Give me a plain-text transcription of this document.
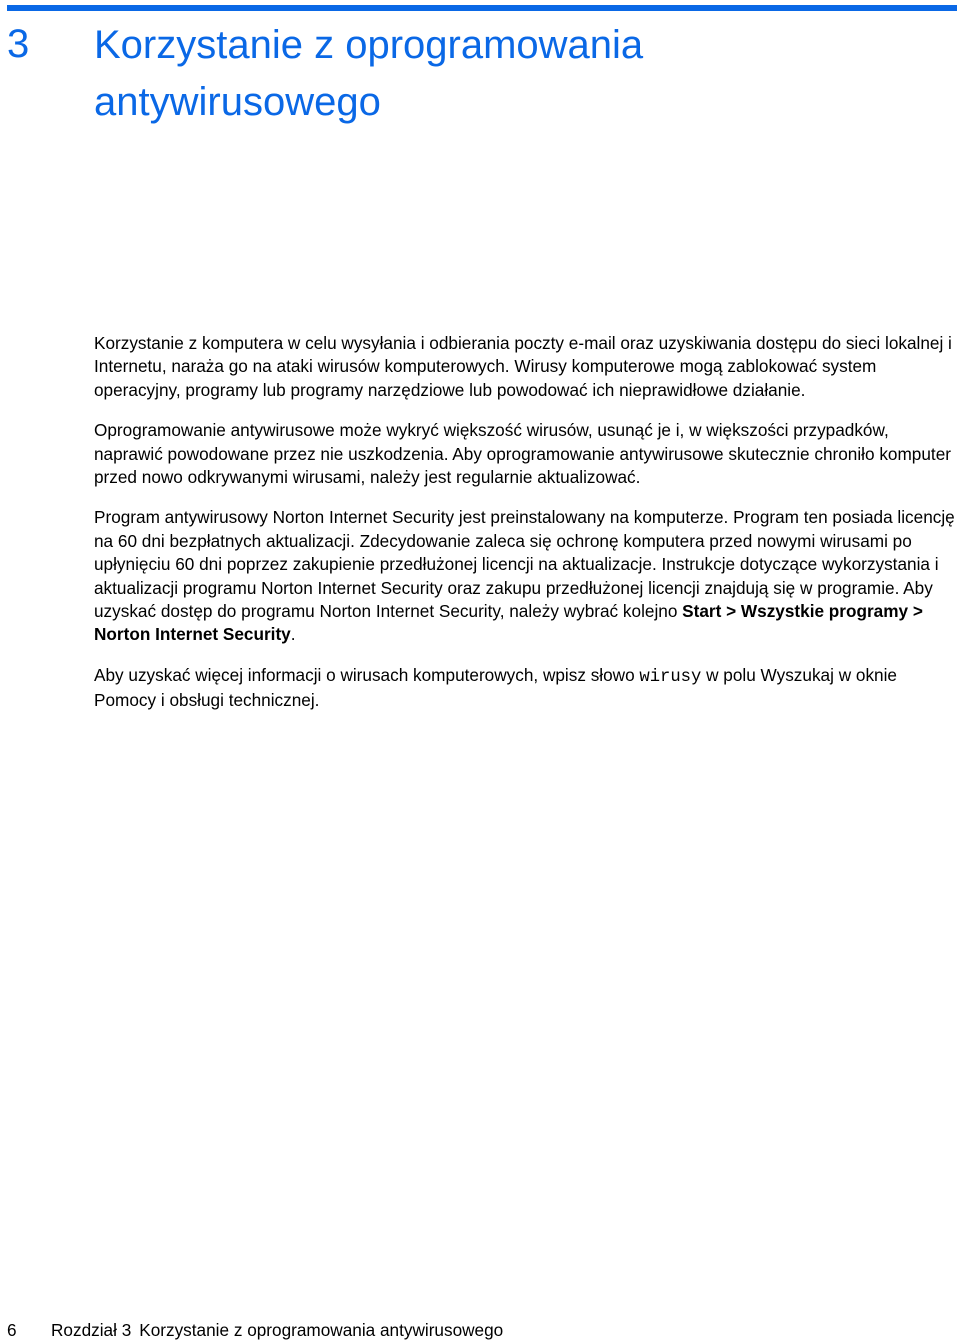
3 Korzystanie z oprogramowania antywirusowego

Korzystanie z komputera w celu wysyłania i odbierania poczty e-mail oraz uzyskiwania dostępu do sieci lokalnej i Internetu, naraża go na ataki wirusów komputerowych. Wirusy komputerowe mogą zablokować system operacyjny, programy lub programy narzędziowe lub powodować ich nieprawidłowe działanie.

Oprogramowanie antywirusowe może wykryć większość wirusów, usunąć je i, w większości przypadków, naprawić powodowane przez nie uszkodzenia. Aby oprogramowanie antywirusowe skutecznie chroniło komputer przed nowo odkrywanymi wirusami, należy jest regularnie aktualizować.

Program antywirusowy Norton Internet Security jest preinstalowany na komputerze. Program ten posiada licencję na 60 dni bezpłatnych aktualizacji. Zdecydowanie zaleca się ochronę komputera przed nowymi wirusami po upłynięciu 60 dni poprzez zakupienie przedłużonej licencji na aktualizacje. Instrukcje dotyczące wykorzystania i aktualizacji programu Norton Internet Security oraz zakupu przedłużonej licencji znajdują się w programie. Aby uzyskać dostęp do programu Norton Internet Security, należy wybrać kolejno Start > Wszystkie programy > Norton Internet Security.

Aby uzyskać więcej informacji o wirusach komputerowych, wpisz słowo wirusy w polu Wyszukaj w oknie Pomocy i obsługi technicznej.

6 Rozdział 3 Korzystanie z oprogramowania antywirusowego
